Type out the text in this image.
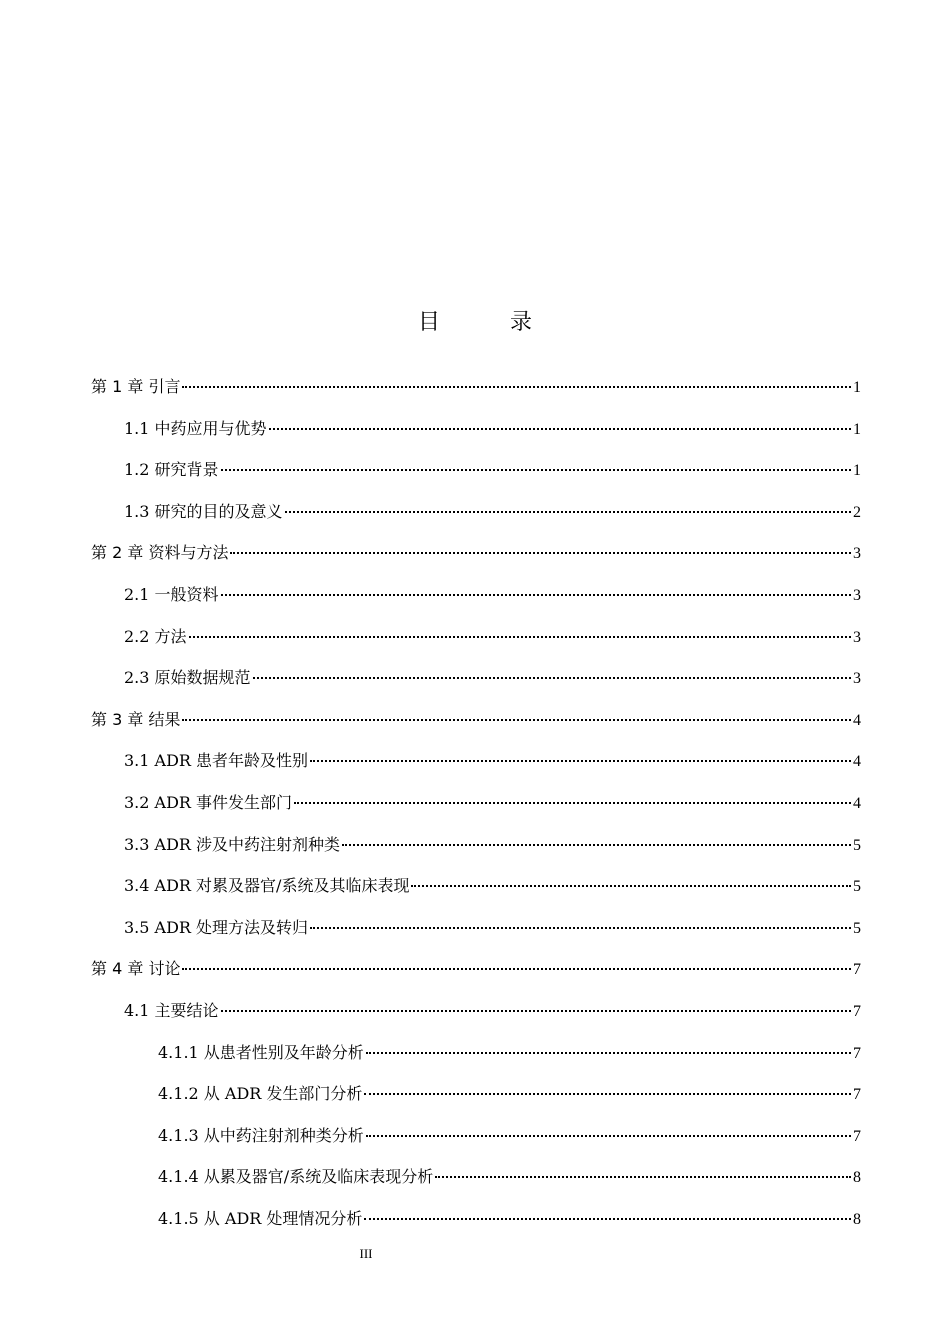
目　录
第 1 章 引言	1
1.1 中药应用与优势	1
1.2 研究背景	1
1.3 研究的目的及意义	2
第 2 章 资料与方法	3
2.1 一般资料	3
2.2 方法	3
2.3 原始数据规范	3
第 3 章 结果	4
3.1 ADR 患者年龄及性别	4
3.2 ADR 事件发生部门	4
3.3 ADR 涉及中药注射剂种类	5
3.4 ADR 对累及器官/系统及其临床表现	5
3.5 ADR 处理方法及转归	5
第 4 章 讨论	7
4.1 主要结论	7
4.1.1 从患者性别及年龄分析	7
4.1.2 从 ADR 发生部门分析	7
4.1.3 从中药注射剂种类分析	7
4.1.4 从累及器官/系统及临床表现分析	8
4.1.5 从 ADR 处理情况分析	8
III
